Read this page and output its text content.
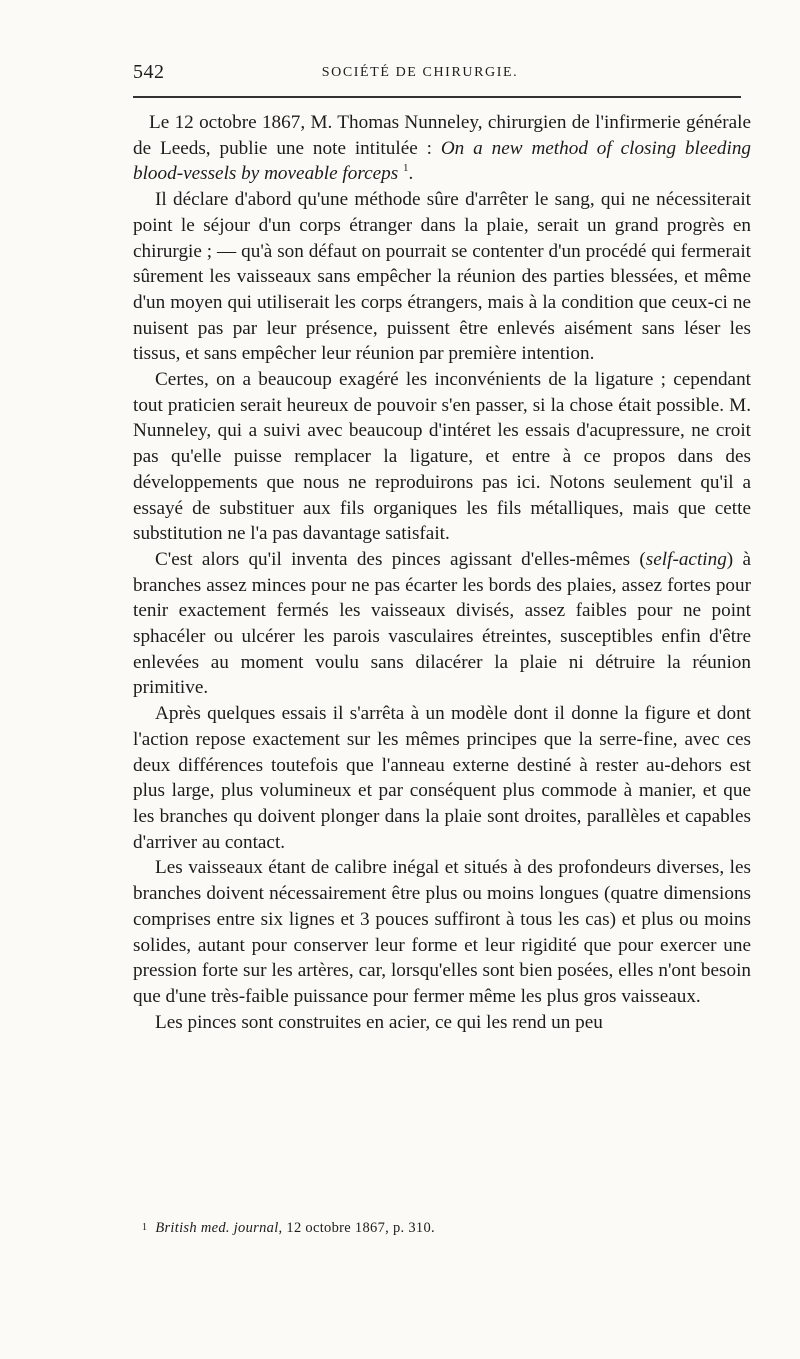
542	SOCIÉTÉ DE CHIRURGIE.

Le 12 octobre 1867, M. Thomas Nunneley, chirurgien de l'infirmerie générale de Leeds, publie une note intitulée : On a new method of closing bleeding blood-vessels by moveable forceps $^1$.

Il déclare d'abord qu'une méthode sûre d'arrêter le sang, qui ne nécessiterait point le séjour d'un corps étranger dans la plaie, serait un grand progrès en chirurgie ; — qu'à son défaut on pourrait se contenter d'un procédé qui fermerait sûrement les vaisseaux sans empêcher la réunion des parties blessées, et même d'un moyen qui utiliserait les corps étrangers, mais à la condition que ceux-ci ne nuisent pas par leur présence, puissent être enlevés aisément sans léser les tissus, et sans empêcher leur réunion par première intention.

Certes, on a beaucoup exagéré les inconvénients de la ligature ; cependant tout praticien serait heureux de pouvoir s'en passer, si la chose était possible. M. Nunneley, qui a suivi avec beaucoup d'intéret les essais d'acupressure, ne croit pas qu'elle puisse remplacer la ligature, et entre à ce propos dans des développements que nous ne reproduirons pas ici. Notons seulement qu'il a essayé de substituer aux fils organiques les fils métalliques, mais que cette substitution ne l'a pas davantage satisfait.

C'est alors qu'il inventa des pinces agissant d'elles-mêmes (self-acting) à branches assez minces pour ne pas écarter les bords des plaies, assez fortes pour tenir exactement fermés les vaisseaux divisés, assez faibles pour ne point sphacéler ou ulcérer les parois vasculaires étreintes, susceptibles enfin d'être enlevées au moment voulu sans dilacérer la plaie ni détruire la réunion primitive.

Après quelques essais il s'arrêta à un modèle dont il donne la figure et dont l'action repose exactement sur les mêmes principes que la serre-fine, avec ces deux différences toutefois que l'anneau externe destiné à rester au-dehors est plus large, plus volumineux et par conséquent plus commode à manier, et que les branches qu doivent plonger dans la plaie sont droites, parallèles et capables d'arriver au contact.

Les vaisseaux étant de calibre inégal et situés à des profondeurs diverses, les branches doivent nécessairement être plus ou moins longues (quatre dimensions comprises entre six lignes et 3 pouces suffiront à tous les cas) et plus ou moins solides, autant pour conserver leur forme et leur rigidité que pour exercer une pression forte sur les artères, car, lorsqu'elles sont bien posées, elles n'ont besoin que d'une très-faible puissance pour fermer même les plus gros vaisseaux.

Les pinces sont construites en acier, ce qui les rend un peu

1 British med. journal, 12 octobre 1867, p. 310.
